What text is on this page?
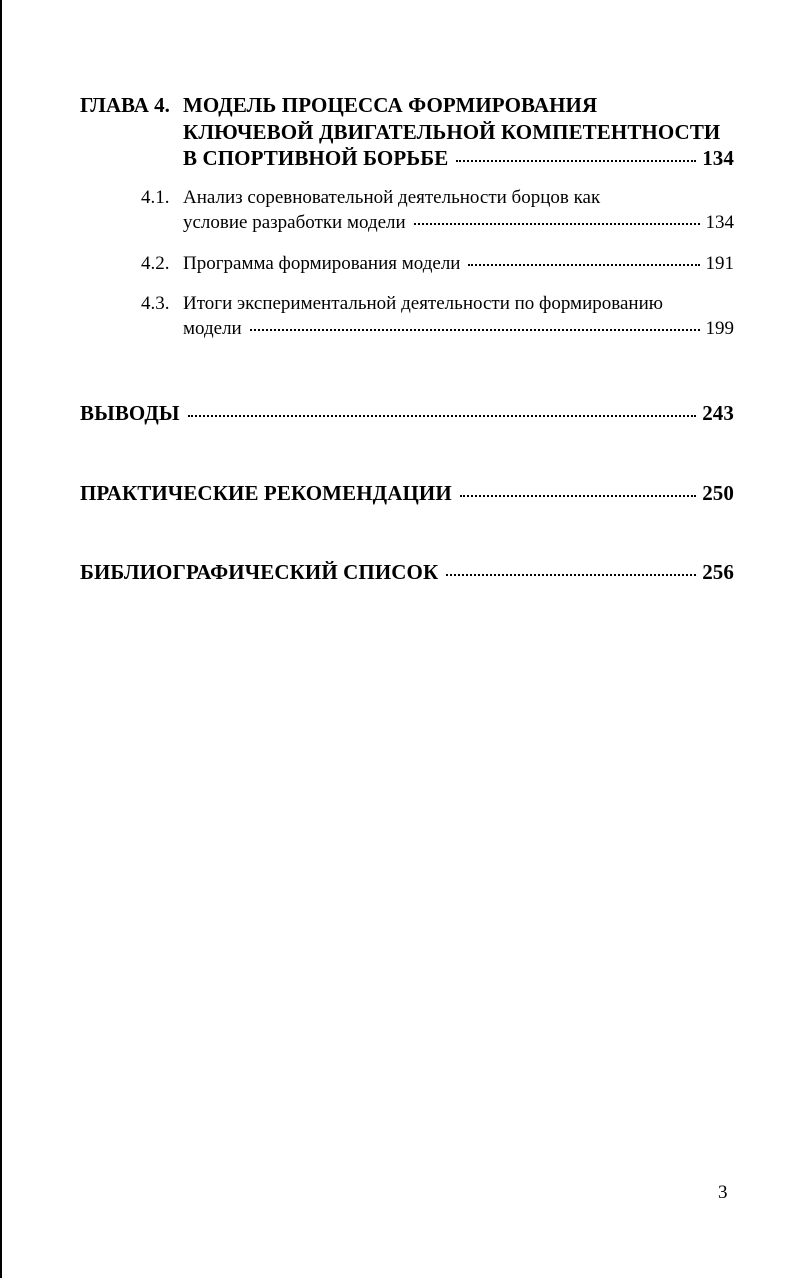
ГЛАВА 4. МОДЕЛЬ ПРОЦЕССА ФОРМИРОВАНИЯ
КЛЮЧЕВОЙ ДВИГАТЕЛЬНОЙ КОМПЕТЕНТНОСТИ
В СПОРТИВНОЙ БОРЬБЕ	134
4.1. Анализ соревновательной деятельности борцов как
условие разработки модели	134
4.2. Программа формирования модели	191
4.3. Итоги экспериментальной деятельности по формированию
модели	199
ВЫВОДЫ	243
ПРАКТИЧЕСКИЕ РЕКОМЕНДАЦИИ	250
БИБЛИОГРАФИЧЕСКИЙ СПИСОК	256
3
